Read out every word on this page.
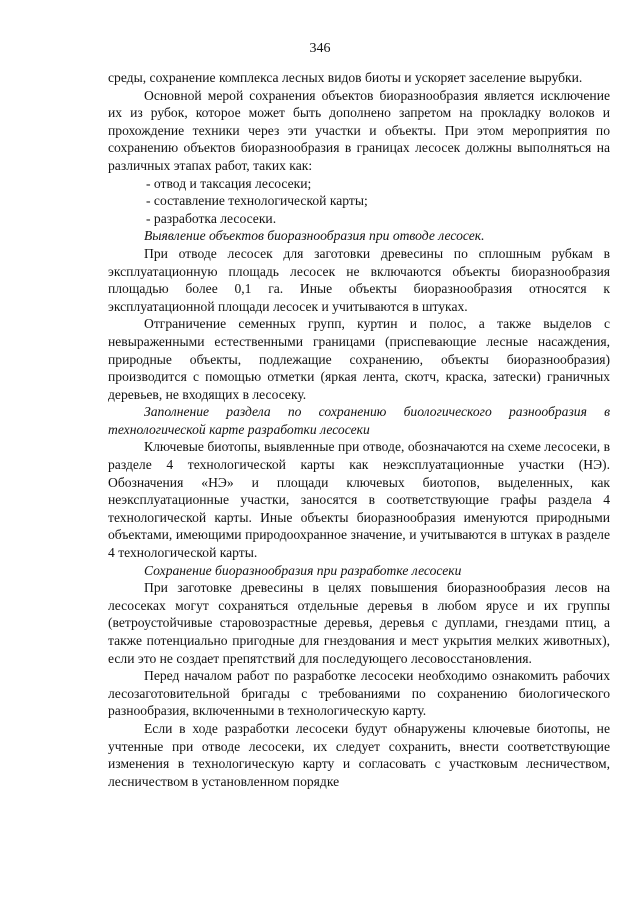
346

среды, сохранение комплекса лесных видов биоты и ускоряет заселение вырубки.

Основной мерой сохранения объектов биоразнообразия является исключение их из рубок, которое может быть дополнено запретом на прокладку волоков и прохождение техники через эти участки и объекты. При этом мероприятия по сохранению объектов биоразнообразия в границах лесосек должны выполняться на различных этапах работ, таких как:

- отвод и таксация лесосеки;

- составление технологической карты;

- разработка лесосеки.

Выявление объектов биоразнообразия при отводе лесосек.

При отводе лесосек для заготовки древесины по сплошным рубкам в эксплуатационную площадь лесосек не включаются объекты биоразнообразия площадью более 0,1 га. Иные объекты биоразнообразия относятся к эксплуатационной площади лесосек и учитываются в штуках.

Отграничение семенных групп, куртин и полос, а также выделов с невыраженными естественными границами (приспевающие лесные насаждения, природные объекты, подлежащие сохранению, объекты биоразнообразия) производится с помощью отметки (яркая лента, скотч, краска, затески) граничных деревьев, не входящих в лесосеку.

Заполнение раздела по сохранению биологического разнообразия в технологической карте разработки лесосеки

Ключевые биотопы, выявленные при отводе, обозначаются на схеме лесосеки, в разделе 4 технологической карты как неэксплуатационные участки (НЭ). Обозначения «НЭ» и площади ключевых биотопов, выделенных, как неэксплуатационные участки, заносятся в соответствующие графы раздела 4 технологической карты. Иные объекты биоразнообразия именуются природными объектами, имеющими природоохранное значение, и учитываются в штуках в разделе 4 технологической карты.

Сохранение биоразнообразия при разработке лесосеки

При заготовке древесины в целях повышения биоразнообразия лесов на лесосеках могут сохраняться отдельные деревья в любом ярусе и их группы (ветроустойчивые старовозрастные деревья, деревья с дуплами, гнездами птиц, а также потенциально пригодные для гнездования и мест укрытия мелких животных), если это не создает препятствий для последующего лесовосстановления.

Перед началом работ по разработке лесосеки необходимо ознакомить рабочих лесозаготовительной бригады с требованиями по сохранению биологического разнообразия, включенными в технологическую карту.

Если в ходе разработки лесосеки будут обнаружены ключевые биотопы, не учтенные при отводе лесосеки, их следует сохранить, внести соответствующие изменения в технологическую карту и согласовать с участковым лесничеством, лесничеством в установленном порядке
